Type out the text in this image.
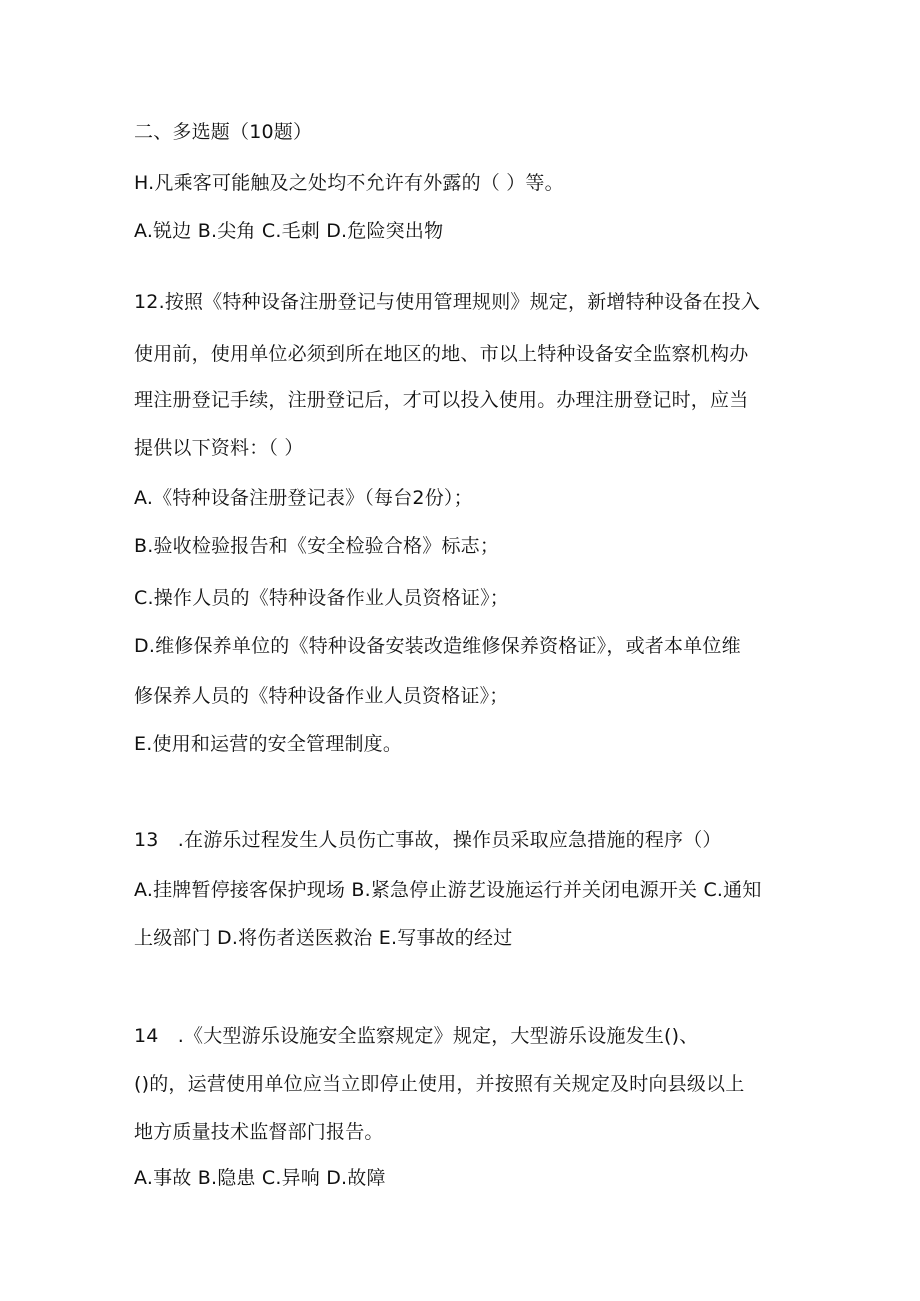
二、多选题（10题）
H.凡乘客可能触及之处均不允许有外露的（ ）等。
A.锐边 B.尖角 C.毛刺 D.危险突出物
12.按照《特种设备注册登记与使用管理规则》规定，新增特种设备在投入
使用前，使用单位必须到所在地区的地、市以上特种设备安全监察机构办
理注册登记手续，注册登记后，才可以投入使用。办理注册登记时，应当
提供以下资料：（ ）
A.《特种设备注册登记表》（每台2份）；
B.验收检验报告和《安全检验合格》标志；
C.操作人员的《特种设备作业人员资格证》；
D.维修保养单位的《特种设备安装改造维修保养资格证》，或者本单位维
修保养人员的《特种设备作业人员资格证》；
E.使用和运营的安全管理制度。
13　.在游乐过程发生人员伤亡事故，操作员采取应急措施的程序（）
A.挂牌暂停接客保护现场 B.紧急停止游艺设施运行并关闭电源开关 C.通知
上级部门 D.将伤者送医救治 E.写事故的经过
14　.《大型游乐设施安全监察规定》规定，大型游乐设施发生()、
()的，运营使用单位应当立即停止使用，并按照有关规定及时向县级以上
地方质量技术监督部门报告。
A.事故 B.隐患 C.异响 D.故障
